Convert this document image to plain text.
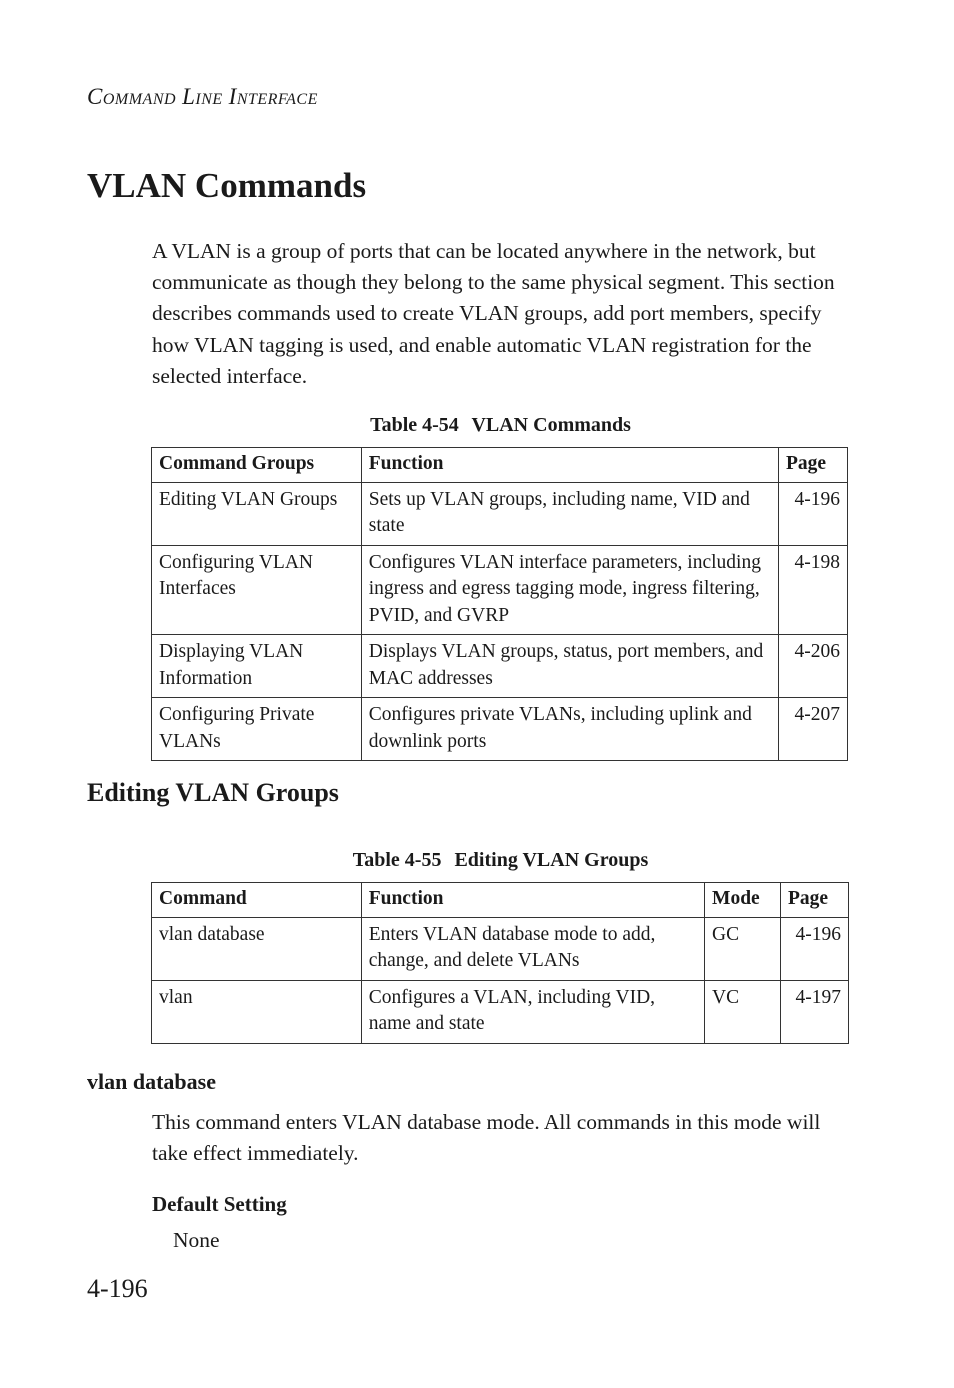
COMMAND LINE INTERFACE
VLAN Commands

A VLAN is a group of ports that can be located anywhere in the network, but communicate as though they belong to the same physical segment. This section describes commands used to create VLAN groups, add port members, specify how VLAN tagging is used, and enable automatic VLAN registration for the selected interface.

Table 4-54 VLAN Commands
Command Groups	Function	Page
Editing VLAN Groups	Sets up VLAN groups, including name, VID and state	4-196
Configuring VLAN Interfaces	Configures VLAN interface parameters, including ingress and egress tagging mode, ingress filtering, PVID, and GVRP	4-198
Displaying VLAN Information	Displays VLAN groups, status, port members, and MAC addresses	4-206
Configuring Private VLANs	Configures private VLANs, including uplink and downlink ports	4-207
Editing VLAN Groups
Table 4-55 Editing VLAN Groups
Command	Function	Mode	Page
vlan database	Enters VLAN database mode to add, change, and delete VLANs	GC	4-196
vlan	Configures a VLAN, including VID, name and state	VC	4-197
vlan database

This command enters VLAN database mode. All commands in this mode will take effect immediately.

Default Setting
None
4-196
